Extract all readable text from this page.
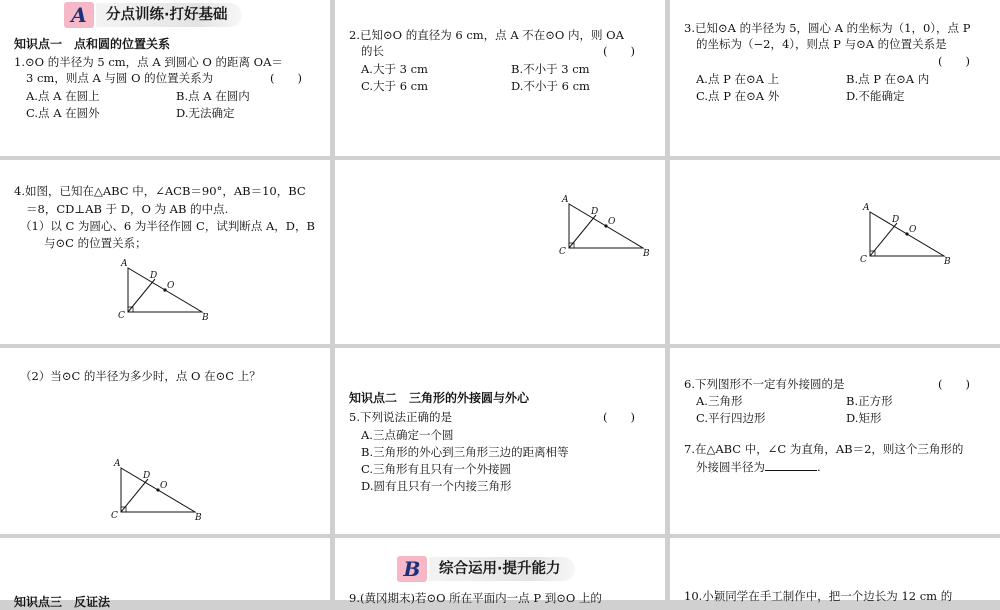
A	分点训练·打好基础
知识点一　点和圆的位置关系
1.⊙O 的半径为 5 cm，点 A 到圆心 O 的距离 OA＝
3 cm，则点 A 与圆 O 的位置关系为	(　　)
A.点 A 在圆上	B.点 A 在圆内
C.点 A 在圆外	D.无法确定
2.已知⊙O 的直径为 6 cm，点 A 不在⊙O 内，则 OA
的长	(　　)
A.大于 3 cm	B.不小于 3 cm
C.大于 6 cm	D.不小于 6 cm
3.已知⊙A 的半径为 5，圆心 A 的坐标为（1，0），点 P
的坐标为（−2，4），则点 P 与⊙A 的位置关系是
(　　)
A.点 P 在⊙A 上	B.点 P 在⊙A 内
C.点 P 在⊙A 外	D.不能确定
4.如图，已知在△ABC 中，∠ACB＝90°，AB＝10，BC
＝8，CD⊥AB 于 D，O 为 AB 的中点.
（1）以 C 为圆心、6 为半径作圆 C，试判断点 A，D，B
与⊙C 的位置关系；
A
D
O
C	B
A
D
O
C	B
A
D
O
C	B
（2）当⊙C 的半径为多少时，点 O 在⊙C 上？
A
D
O
C	B
知识点二　三角形的外接圆与外心
5.下列说法正确的是	(　　)
A.三点确定一个圆
B.三角形的外心到三角形三边的距离相等
C.三角形有且只有一个外接圆
D.圆有且只有一个内接三角形
6.下列图形不一定有外接圆的是	(　　)
A.三角形	B.正方形
C.平行四边形	D.矩形
7.在△ABC 中，∠C 为直角，AB＝2，则这个三角形的
外接圆半径为	.
知识点三　反证法
B	综合运用·提升能力
9.(黄冈期末)若⊙O 所在平面内一点 P 到⊙O 上的	10.小颖同学在手工制作中，把一个边长为 12 cm 的
